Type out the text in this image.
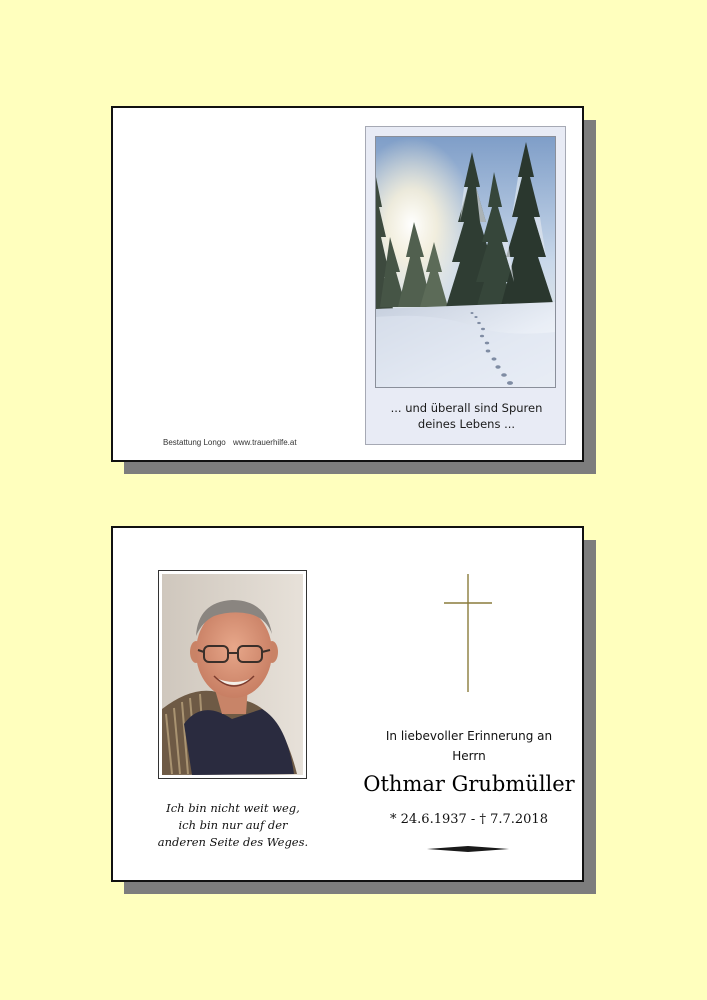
... und überall sind Spuren
deines Lebens ...
Bestattung Longo www.trauerhilfe.at
Ich bin nicht weit weg,
ich bin nur auf der
anderen Seite des Weges.
In liebevoller Erinnerung an
Herrn
Othmar Grubmüller
* 24.6.1937 - † 7.7.2018
